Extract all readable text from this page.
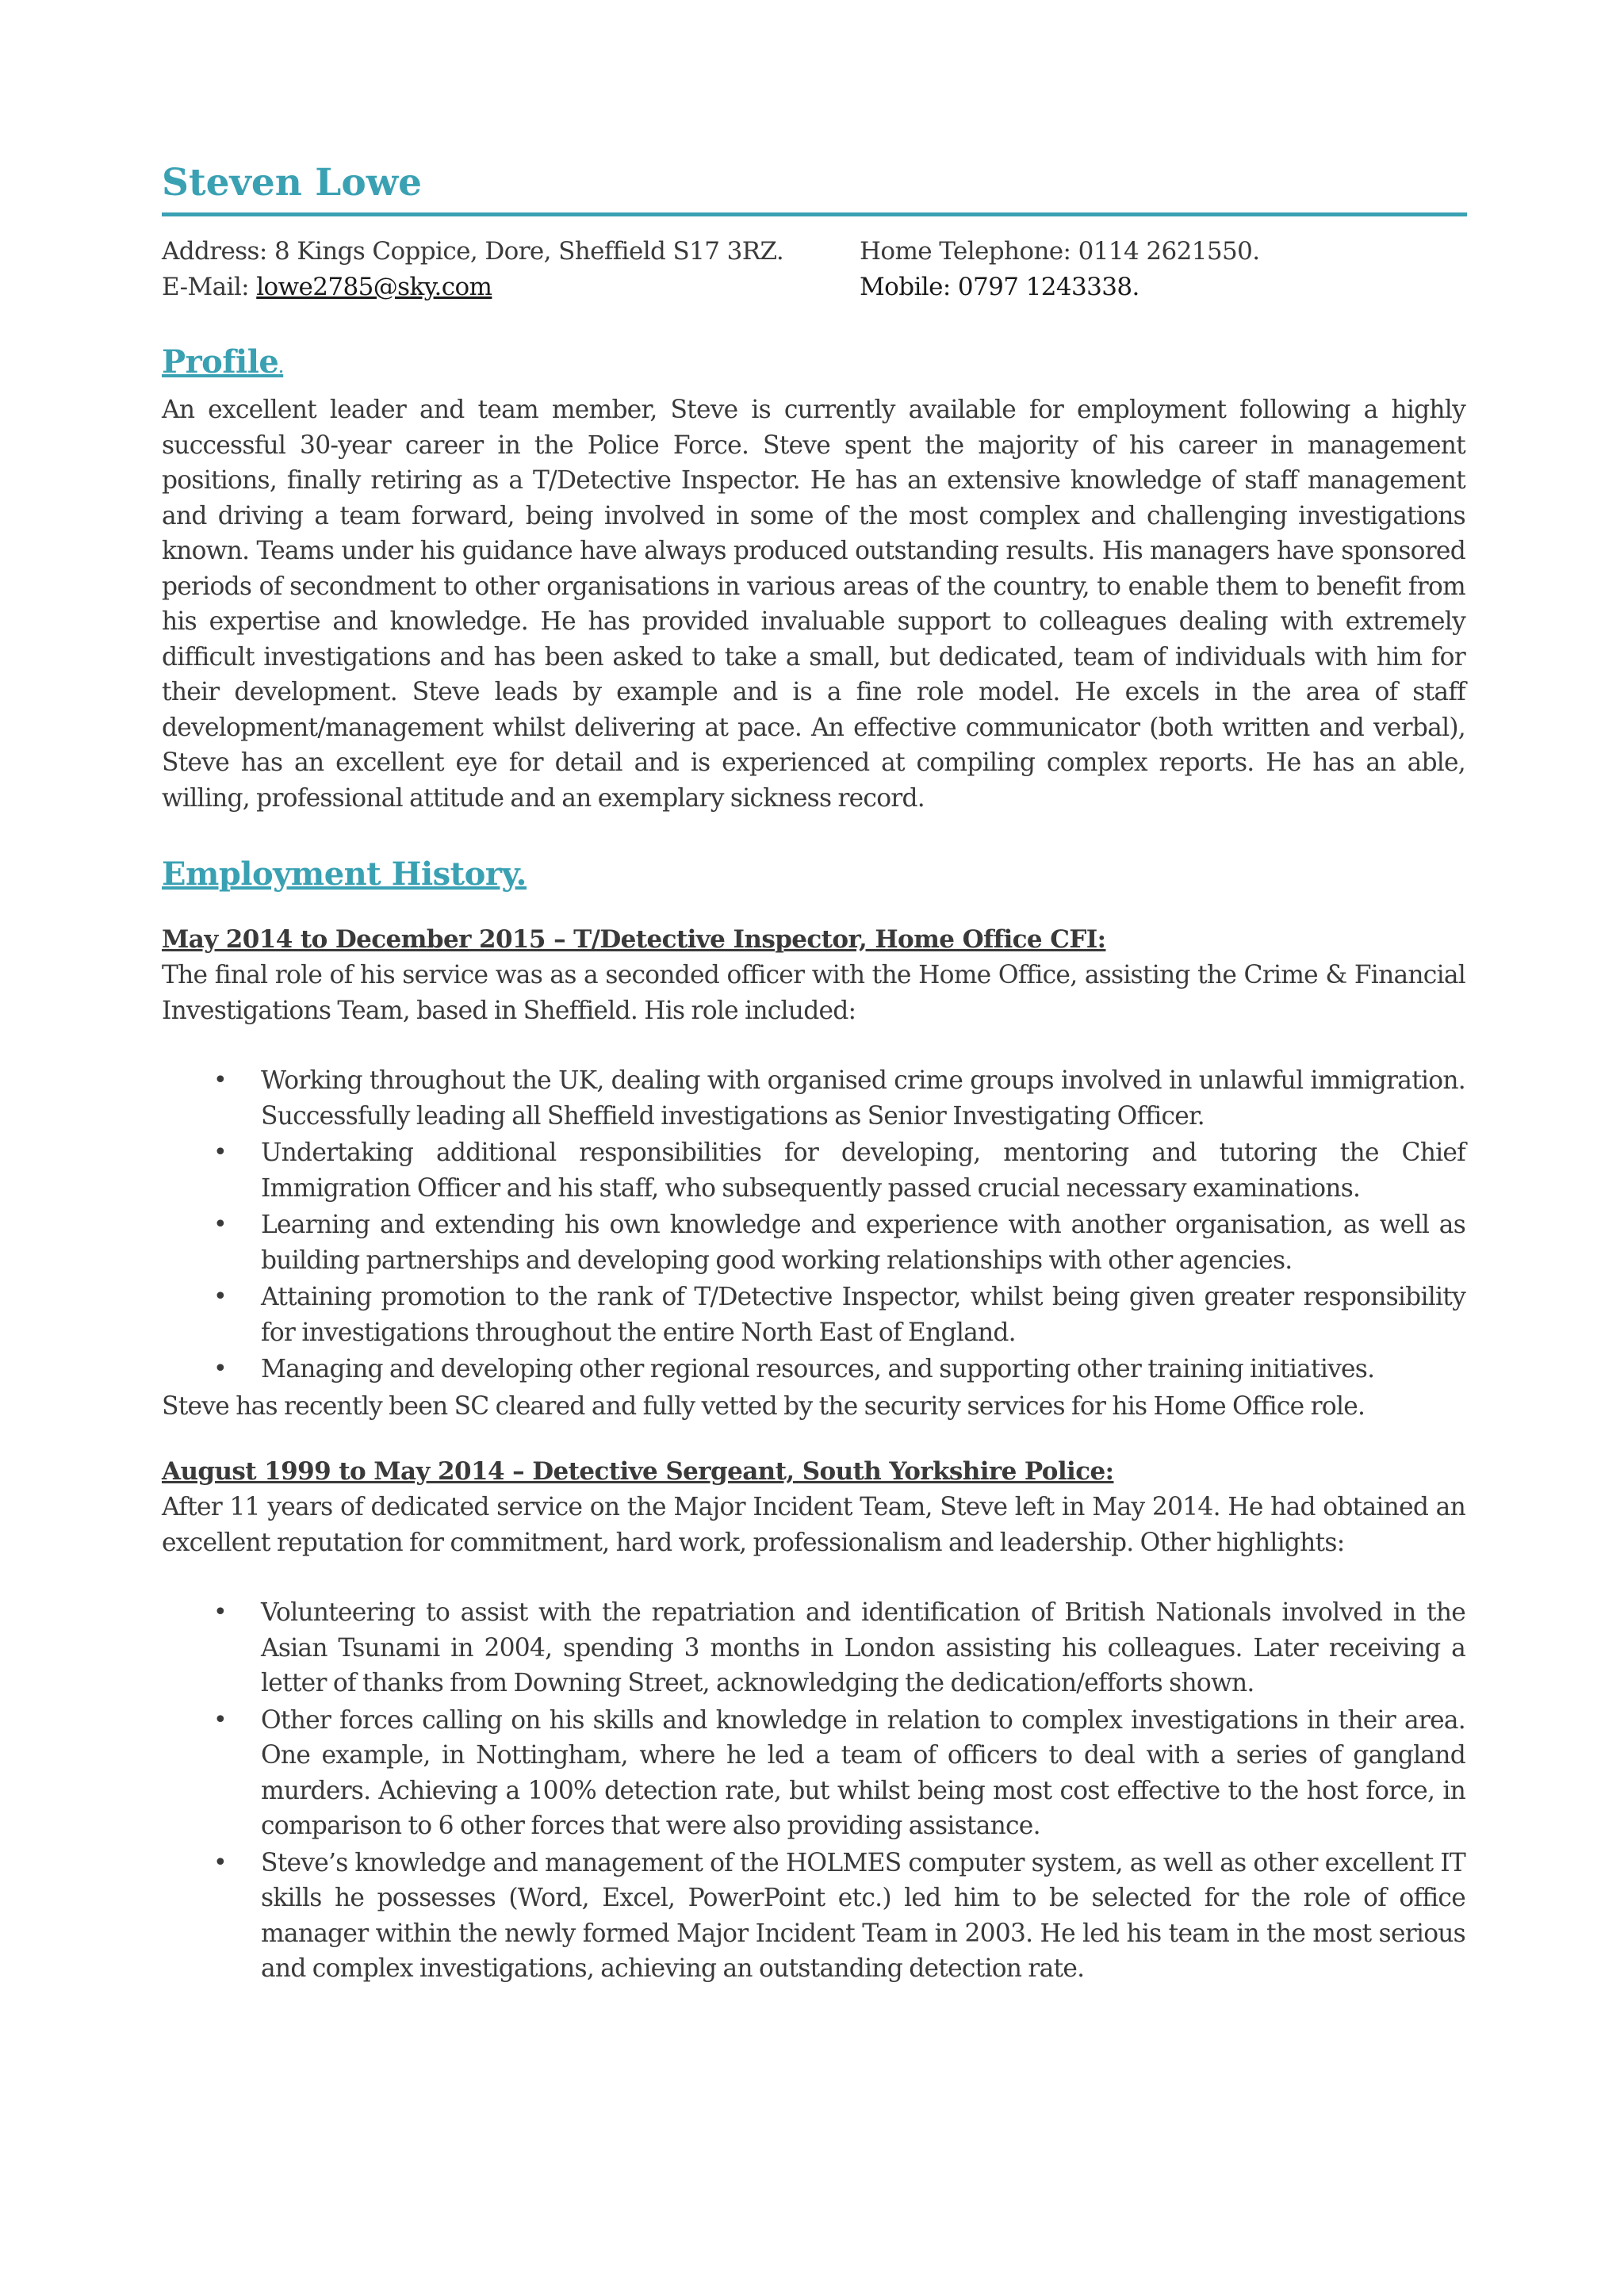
Steven Lowe
Address: 8 Kings Coppice, Dore, Sheffield S17 3RZ.	Home Telephone: 0114 2621550.
E-Mail: lowe2785@sky.com	Mobile: 0797 1243338.
Profile.

An excellent leader and team member, Steve is currently available for employment following a highly successful 30-year career in the Police Force. Steve spent the majority of his career in management positions, finally retiring as a T/Detective Inspector. He has an extensive knowledge of staff management and driving a team forward, being involved in some of the most complex and challenging investigations known. Teams under his guidance have always produced outstanding results. His managers have sponsored periods of secondment to other organisations in various areas of the country, to enable them to benefit from his expertise and knowledge. He has provided invaluable support to colleagues dealing with extremely difficult investigations and has been asked to take a small, but dedicated, team of individuals with him for their development. Steve leads by example and is a fine role model. He excels in the area of staff development/management whilst delivering at pace. An effective communicator (both written and verbal), Steve has an excellent eye for detail and is experienced at compiling complex reports. He has an able, willing, professional attitude and an exemplary sickness record.

Employment History.

May 2014 to December 2015 – T/Detective Inspector, Home Office CFI:

The final role of his service was as a seconded officer with the Home Office, assisting the Crime & Financial Investigations Team, based in Sheffield. His role included:

• Working throughout the UK, dealing with organised crime groups involved in unlawful immigration. Successfully leading all Sheffield investigations as Senior Investigating Officer.
• Undertaking additional responsibilities for developing, mentoring and tutoring the Chief Immigration Officer and his staff, who subsequently passed crucial necessary examinations.
• Learning and extending his own knowledge and experience with another organisation, as well as building partnerships and developing good working relationships with other agencies.
• Attaining promotion to the rank of T/Detective Inspector, whilst being given greater responsibility for investigations throughout the entire North East of England.
• Managing and developing other regional resources, and supporting other training initiatives.

Steve has recently been SC cleared and fully vetted by the security services for his Home Office role.

August 1999 to May 2014 – Detective Sergeant, South Yorkshire Police:

After 11 years of dedicated service on the Major Incident Team, Steve left in May 2014. He had obtained an excellent reputation for commitment, hard work, professionalism and leadership. Other highlights:

• Volunteering to assist with the repatriation and identification of British Nationals involved in the Asian Tsunami in 2004, spending 3 months in London assisting his colleagues. Later receiving a letter of thanks from Downing Street, acknowledging the dedication/efforts shown.
• Other forces calling on his skills and knowledge in relation to complex investigations in their area. One example, in Nottingham, where he led a team of officers to deal with a series of gangland murders. Achieving a 100% detection rate, but whilst being most cost effective to the host force, in comparison to 6 other forces that were also providing assistance.
• Steve’s knowledge and management of the HOLMES computer system, as well as other excellent IT skills he possesses (Word, Excel, PowerPoint etc.) led him to be selected for the role of office manager within the newly formed Major Incident Team in 2003. He led his team in the most serious and complex investigations, achieving an outstanding detection rate.
